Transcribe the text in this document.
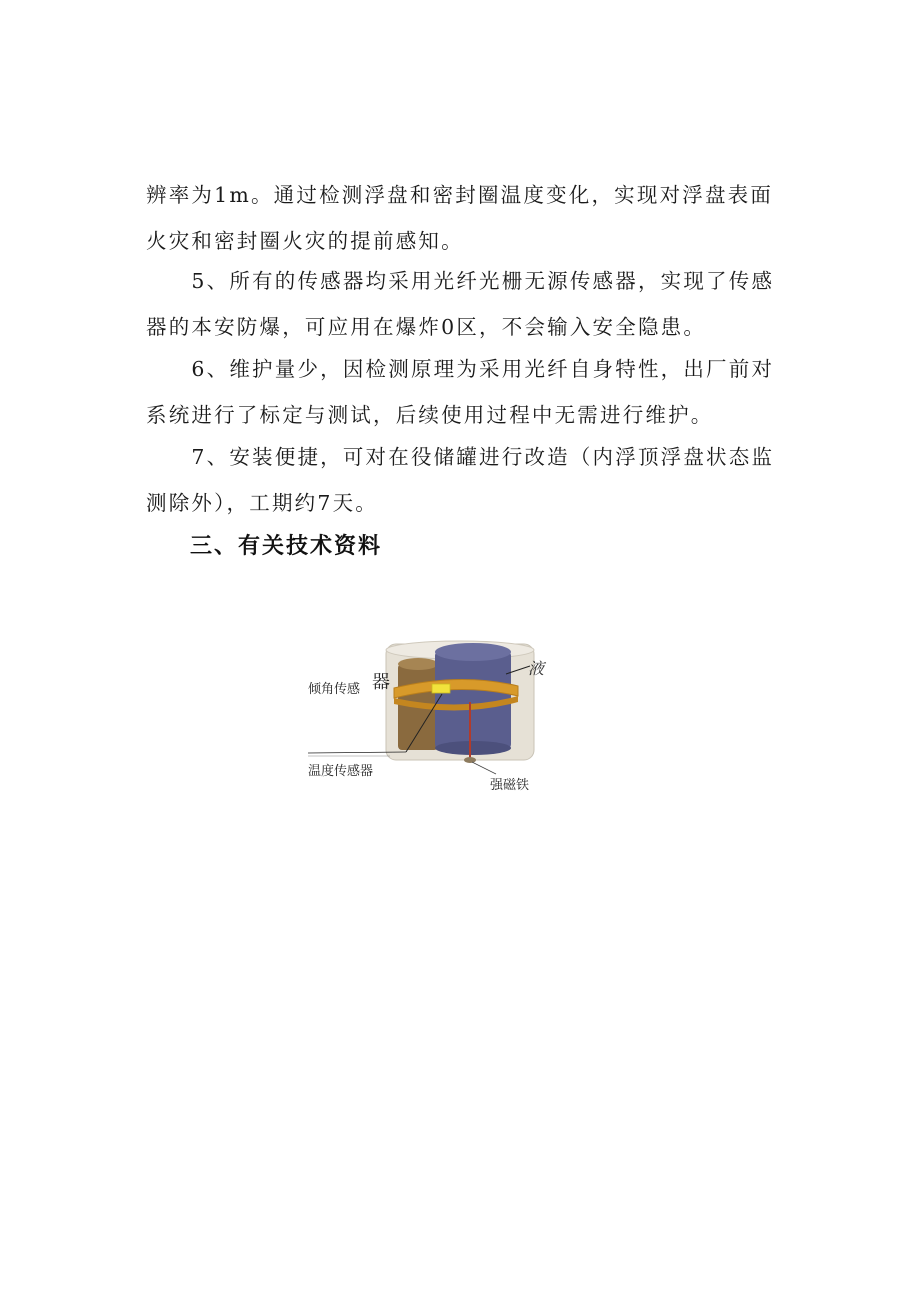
辨率为1m。通过检测浮盘和密封圈温度变化，实现对浮盘表面
火灾和密封圈火灾的提前感知。

　　5、所有的传感器均采用光纤光栅无源传感器，实现了传感
器的本安防爆，可应用在爆炸0区，不会输入安全隐患。

　　6、维护量少，因检测原理为采用光纤自身特性，出厂前对
系统进行了标定与测试，后续使用过程中无需进行维护。

　　7、安装便捷，可对在役储罐进行改造（内浮顶浮盘状态监
测除外），工期约7天。

三、有关技术资料
倾角传感 器
液
温度传感器
强磁铁
